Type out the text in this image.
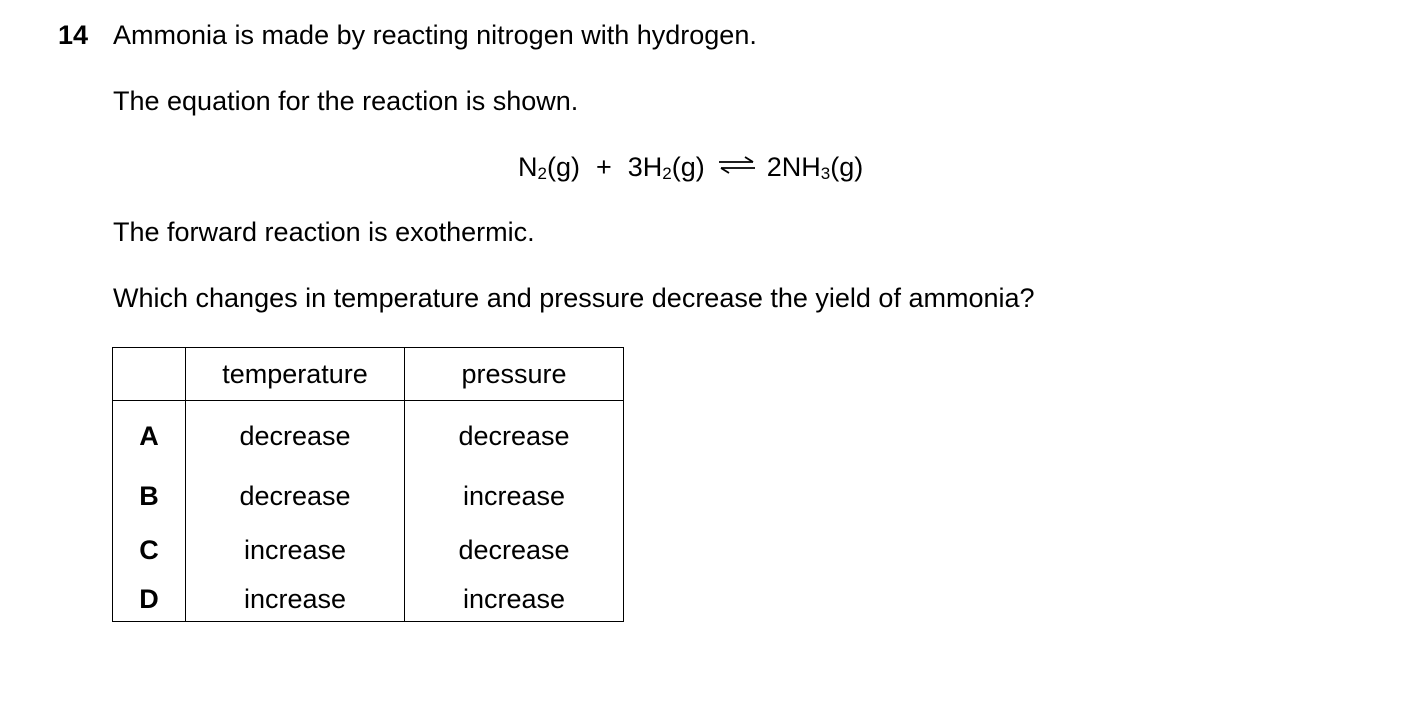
14 Ammonia is made by reacting nitrogen with hydrogen.
The equation for the reaction is shown.
$N_2(g) + 3H_2(g)$ ⇌ $2NH_3(g)$
The forward reaction is exothermic.
Which changes in temperature and pressure decrease the yield of ammonia?
	temperature	pressure
A	decrease	decrease
B	decrease	increase
C	increase	decrease
D	increase	increase
